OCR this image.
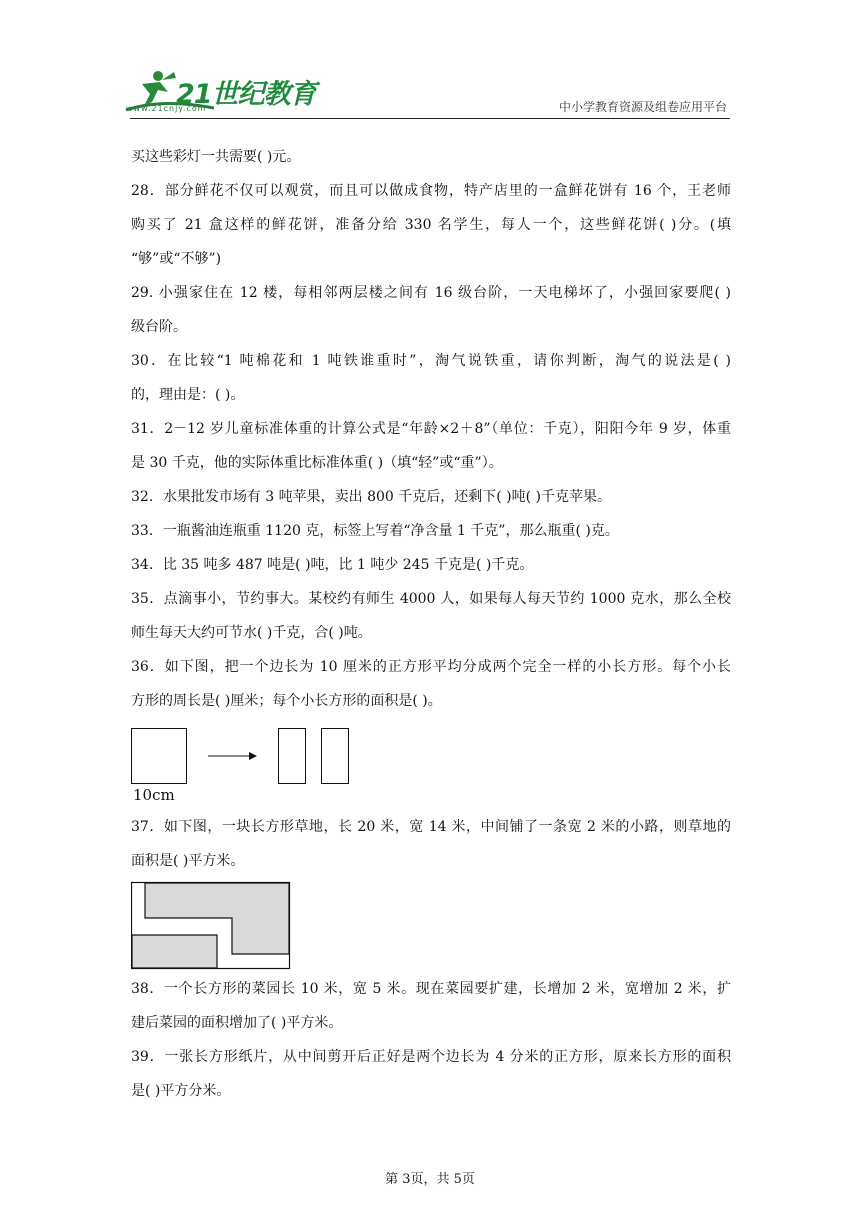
21世纪教育
www.21cnjy.com	中小学教育资源及组卷应用平台
买这些彩灯一共需要( )元。
28．部分鲜花不仅可以观赏，而且可以做成食物，特产店里的一盒鲜花饼有 16 个，王老师
购买了 21 盒这样的鲜花饼，准备分给 330 名学生，每人一个，这些鲜花饼( )分。(填
“够”或“不够”)
29. 小强家住在 12 楼，每相邻两层楼之间有 16 级台阶，一天电梯坏了，小强回家要爬( )
级台阶。
30．在比较“1 吨棉花和 1 吨铁谁重时”，淘气说铁重，请你判断，淘气的说法是( )
的，理由是：( )。
31．2－12 岁儿童标准体重的计算公式是“年龄×2＋8”（单位：千克），阳阳今年 9 岁，体重
是 30 千克，他的实际体重比标准体重( )（填“轻”或“重”）。
32．水果批发市场有 3 吨苹果，卖出 800 千克后，还剩下( )吨( )千克苹果。
33．一瓶酱油连瓶重 1120 克，标签上写着“净含量 1 千克”，那么瓶重( )克。
34．比 35 吨多 487 吨是( )吨，比 1 吨少 245 千克是( )千克。
35．点滴事小，节约事大。某校约有师生 4000 人，如果每人每天节约 1000 克水，那么全校
师生每天大约可节水( )千克，合( )吨。
36．如下图，把一个边长为 10 厘米的正方形平均分成两个完全一样的小长方形。每个小长
方形的周长是( )厘米；每个小长方形的面积是( )。
10cm
37．如下图，一块长方形草地，长 20 米，宽 14 米，中间铺了一条宽 2 米的小路，则草地的
面积是( )平方米。
38．一个长方形的菜园长 10 米，宽 5 米。现在菜园要扩建，长增加 2 米，宽增加 2 米，扩
建后菜园的面积增加了( )平方米。
39．一张长方形纸片，从中间剪开后正好是两个边长为 4 分米的正方形，原来长方形的面积
是( )平方分米。
第 3页，共 5页
